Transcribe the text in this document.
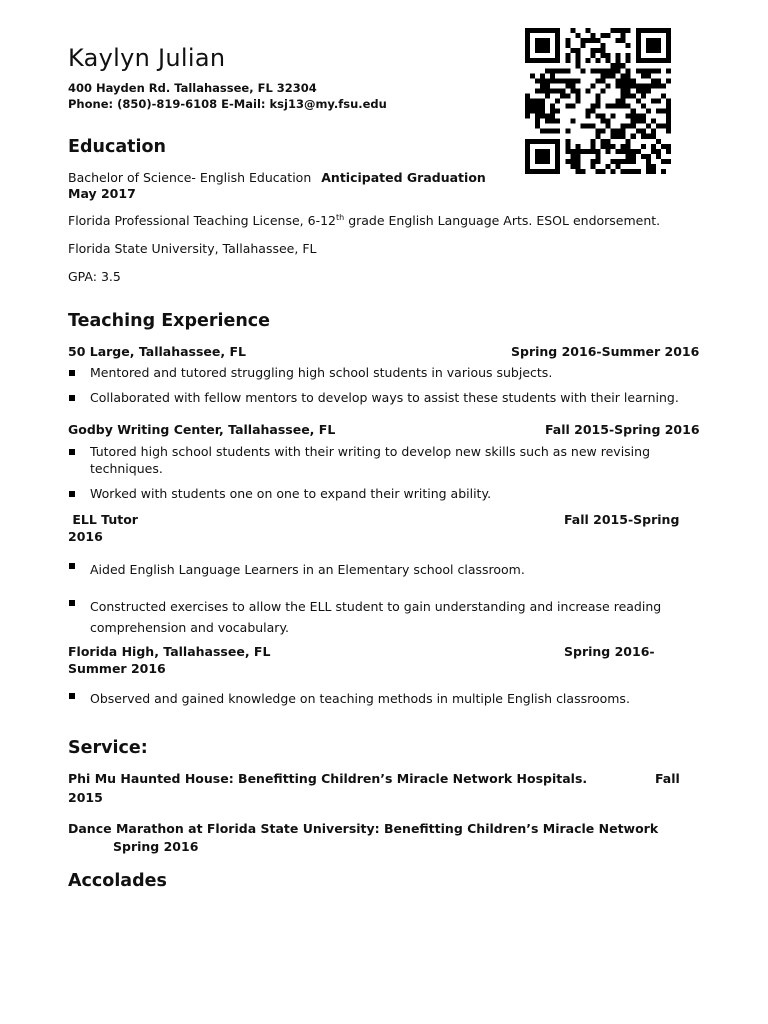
Kaylyn Julian
400 Hayden Rd. Tallahassee, FL 32304
Phone: (850)-819-6108 E-Mail: ksj13@my.fsu.edu
Education
Bachelor of Science- English Education Anticipated Graduation
May 2017
Florida Professional Teaching License, 6-12th grade English Language Arts. ESOL endorsement.
Florida State University, Tallahassee, FL
GPA: 3.5
Teaching Experience
50 Large, Tallahassee, FL	Spring 2016-Summer 2016
Mentored and tutored struggling high school students in various subjects.
Collaborated with fellow mentors to develop ways to assist these students with their learning.
Godby Writing Center, Tallahassee, FL	Fall 2015-Spring 2016
Tutored high school students with their writing to develop new skills such as new revising
techniques.
Worked with students one on one to expand their writing ability.
ELL Tutor	Fall 2015-Spring
2016
Aided English Language Learners in an Elementary school classroom.
Constructed exercises to allow the ELL student to gain understanding and increase reading
comprehension and vocabulary.
Florida High, Tallahassee, FL	Spring 2016-
Summer 2016
Observed and gained knowledge on teaching methods in multiple English classrooms.
Service:
Phi Mu Haunted House: Benefitting Children’s Miracle Network Hospitals.	Fall
2015
Dance Marathon at Florida State University: Benefitting Children’s Miracle Network
Spring 2016
Accolades
